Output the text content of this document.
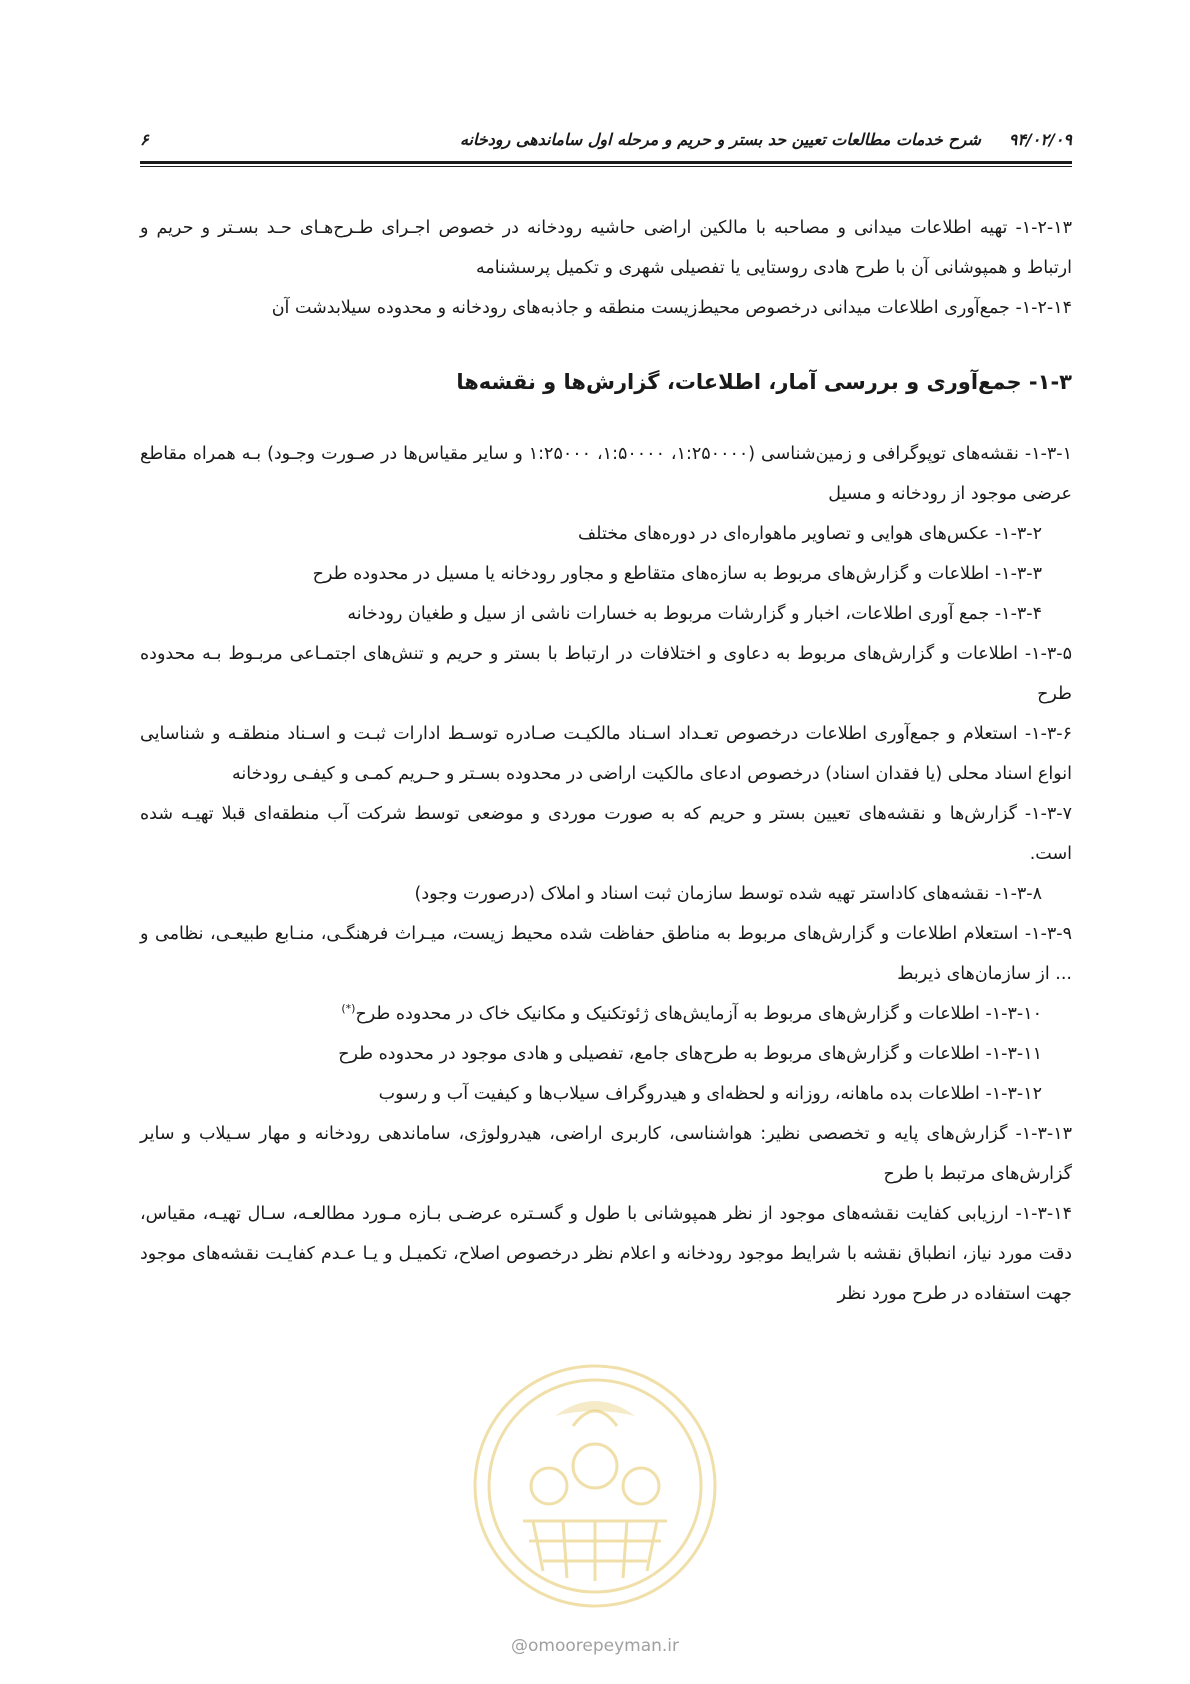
۹۴/۰۲/۰۹     شرح خدمات مطالعات تعیین حد بستر و حریم و مرحله اول ساماندهی رودخانه
۶

۱-۲-۱۳- تهیه اطلاعات میدانی و مصاحبه با مالکین اراضی حاشیه رودخانه در خصوص اجـرای طـرح‌هـای حـد بسـتر و حریم و ارتباط و همپوشانی آن با طرح هادی روستایی یا تفصیلی شهری و تکمیل پرسشنامه

۱-۲-۱۴- جمع‌آوری اطلاعات میدانی درخصوص محیط‌زیست منطقه و جاذبه‌های رودخانه و محدوده سیلابدشت آن

۱-۳- جمع‌آوری و بررسی آمار، اطلاعات، گزارش‌ها و نقشه‌ها

۱-۳-۱- نقشه‌های توپوگرافی و زمین‌شناسی (۱:۲۵۰۰۰۰، ۱:۵۰۰۰۰، ۱:۲۵۰۰۰ و سایر مقیاس‌ها در صـورت وجـود) بـه همراه مقاطع عرضی موجود از رودخانه و مسیل

۱-۳-۲- عکس‌های هوایی و تصاویر ماهواره‌ای در دوره‌های مختلف

۱-۳-۳- اطلاعات و گزارش‌های مربوط به سازه‌های متقاطع و مجاور رودخانه یا مسیل در محدوده طرح

۱-۳-۴- جمع آوری اطلاعات، اخبار و گزارشات مربوط به خسارات ناشی از سیل و طغیان رودخانه

۱-۳-۵- اطلاعات و گزارش‌های مربوط به دعاوی و اختلافات در ارتباط با بستر و حریم و تنش‌های اجتمـاعی مربـوط بـه محدوده طرح

۱-۳-۶- استعلام و جمع‌آوری اطلاعات درخصوص تعـداد اسـناد مالکیـت صـادره توسـط ادارات ثبـت و اسـناد منطقـه و شناسایی انواع اسناد محلی (یا فقدان اسناد) درخصوص ادعای مالکیت اراضی در محدوده بسـتر و حـریم کمـی و کیفـی رودخانه

۱-۳-۷- گزارش‌ها و نقشه‌های تعیین بستر و حریم که به صورت موردی و موضعی توسط شرکت آب منطقه‌ای قبلا تهیـه شده است.

۱-۳-۸- نقشه‌های کاداستر تهیه شده توسط سازمان ثبت اسناد و املاک (درصورت وجود)

۱-۳-۹- استعلام اطلاعات و گزارش‌های مربوط به مناطق حفاظت شده محیط زیست، میـراث فرهنگـی، منـابع طبیعـی، نظامی و ... از سازمان‌های ذیربط

۱-۳-۱۰- اطلاعات و گزارش‌های مربوط به آزمایش‌های ژئوتکنیک و مکانیک خاک در محدوده طرح(*)

۱-۳-۱۱- اطلاعات و گزارش‌های مربوط به طرح‌های جامع، تفصیلی و هادی موجود در محدوده طرح

۱-۳-۱۲- اطلاعات بده ماهانه، روزانه و لحظه‌ای و هیدروگراف سیلاب‌ها و کیفیت آب و رسوب

۱-۳-۱۳- گزارش‌های پایه و تخصصی نظیر: هواشناسی، کاربری اراضی، هیدرولوژی، ساماندهی رودخانه و مهار سـیلاب و سایر گزارش‌های مرتبط با طرح

۱-۳-۱۴- ارزیابی کفایت نقشه‌های موجود از نظر همپوشانی با طول و گسـتره عرضـی بـازه مـورد مطالعـه، سـال تهیـه، مقیاس، دقت مورد نیاز، انطباق نقشه با شرایط موجود رودخانه و اعلام نظر درخصوص اصلاح، تکمیـل و یـا عـدم کفایـت نقشه‌های موجود جهت استفاده در طرح مورد نظر

@omoorepeyman.ir
